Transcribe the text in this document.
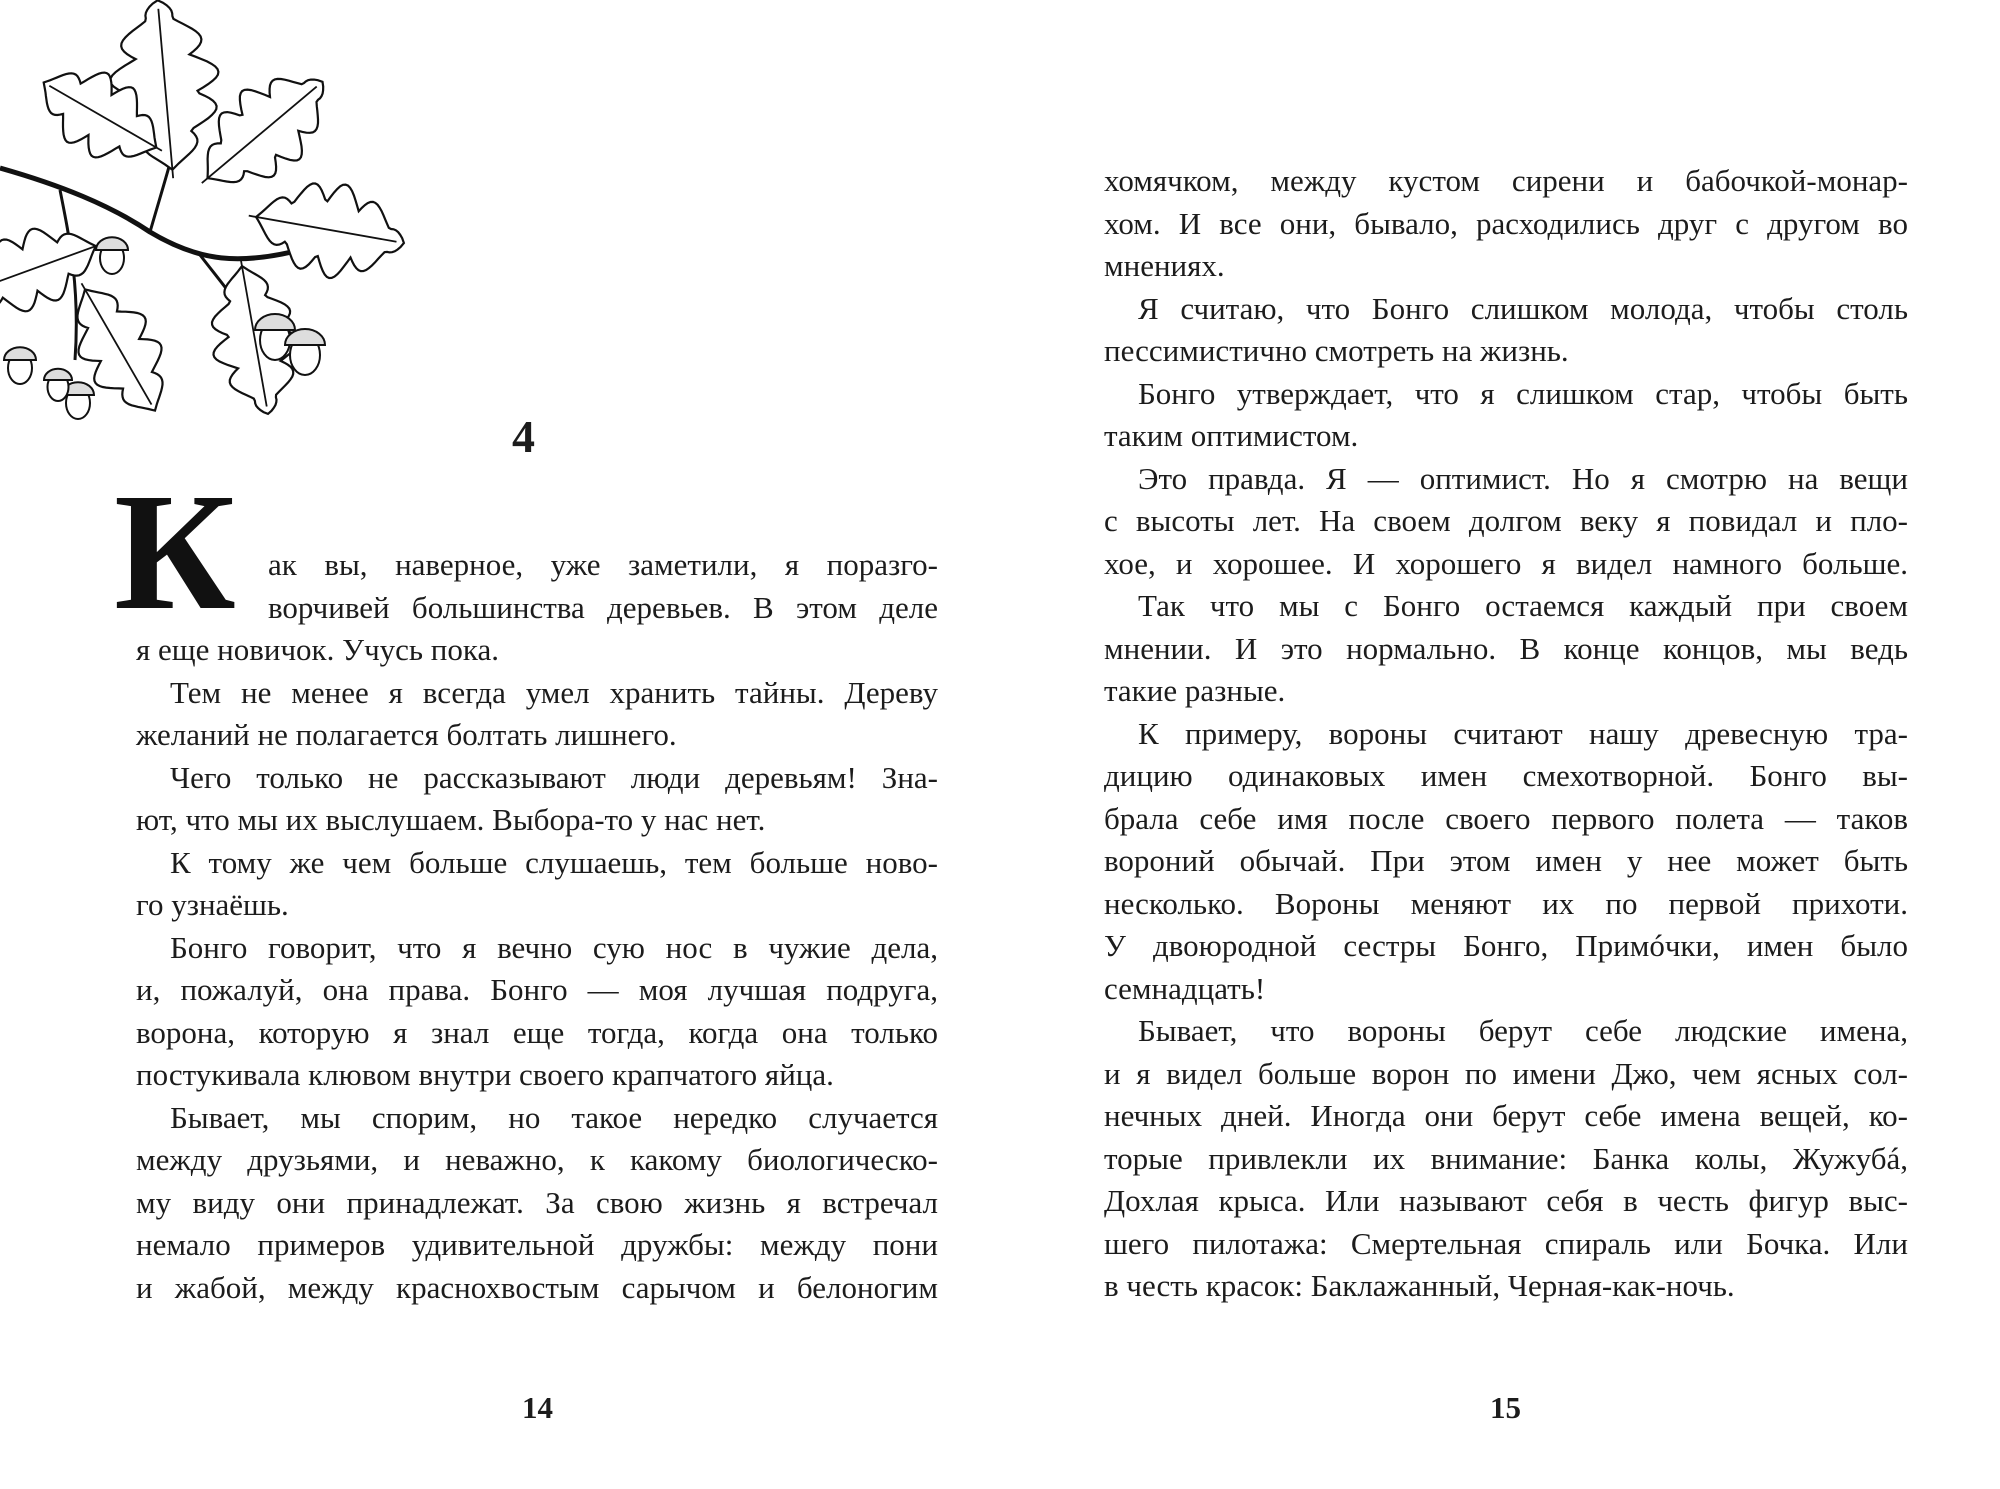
4
К ак вы, наверное, уже заметили, я поразго-
ворчивей большинства деревьев. В этом деле
я еще новичок. Учусь пока.
Тем не менее я всегда умел хранить тайны. Дереву
желаний не полагается болтать лишнего.
Чего только не рассказывают люди деревьям! Зна-
ют, что мы их выслушаем. Выбора-то у нас нет.
К тому же чем больше слушаешь, тем больше ново-
го узнаёшь.
Бонго говорит, что я вечно сую нос в чужие дела,
и, пожалуй, она права. Бонго — моя лучшая подруга,
ворона, которую я знал еще тогда, когда она только
постукивала клювом внутри своего крапчатого яйца.
Бывает, мы спорим, но такое нередко случается
между друзьями, и неважно, к какому биологическо-
му виду они принадлежат. За свою жизнь я встречал
немало примеров удивительной дружбы: между пони
и жабой, между краснохвостым сарычом и белоногим
14
хомячком, между кустом сирени и бабочкой-монар-
хом. И все они, бывало, расходились друг с другом во
мнениях.
Я считаю, что Бонго слишком молода, чтобы столь
пессимистично смотреть на жизнь.
Бонго утверждает, что я слишком стар, чтобы быть
таким оптимистом.
Это правда. Я — оптимист. Но я смотрю на вещи
с высоты лет. На своем долгом веку я повидал и пло-
хое, и хорошее. И хорошего я видел намного больше.
Так что мы с Бонго остаемся каждый при своем
мнении. И это нормально. В конце концов, мы ведь
такие разные.
К примеру, вороны считают нашу древесную тра-
дицию одинаковых имен смехотворной. Бонго вы-
брала себе имя после своего первого полета — таков
вороний обычай. При этом имен у нее может быть
несколько. Вороны меняют их по первой прихоти.
У двоюродной сестры Бонго, Примóчки, имен было
семнадцать!
Бывает, что вороны берут себе людские имена,
и я видел больше ворон по имени Джо, чем ясных сол-
нечных дней. Иногда они берут себе имена вещей, ко-
торые привлекли их внимание: Банка колы, Жужубá,
Дохлая крыса. Или называют себя в честь фигур выс-
шего пилотажа: Смертельная спираль или Бочка. Или
в честь красок: Баклажанный, Черная-как-ночь.
15
